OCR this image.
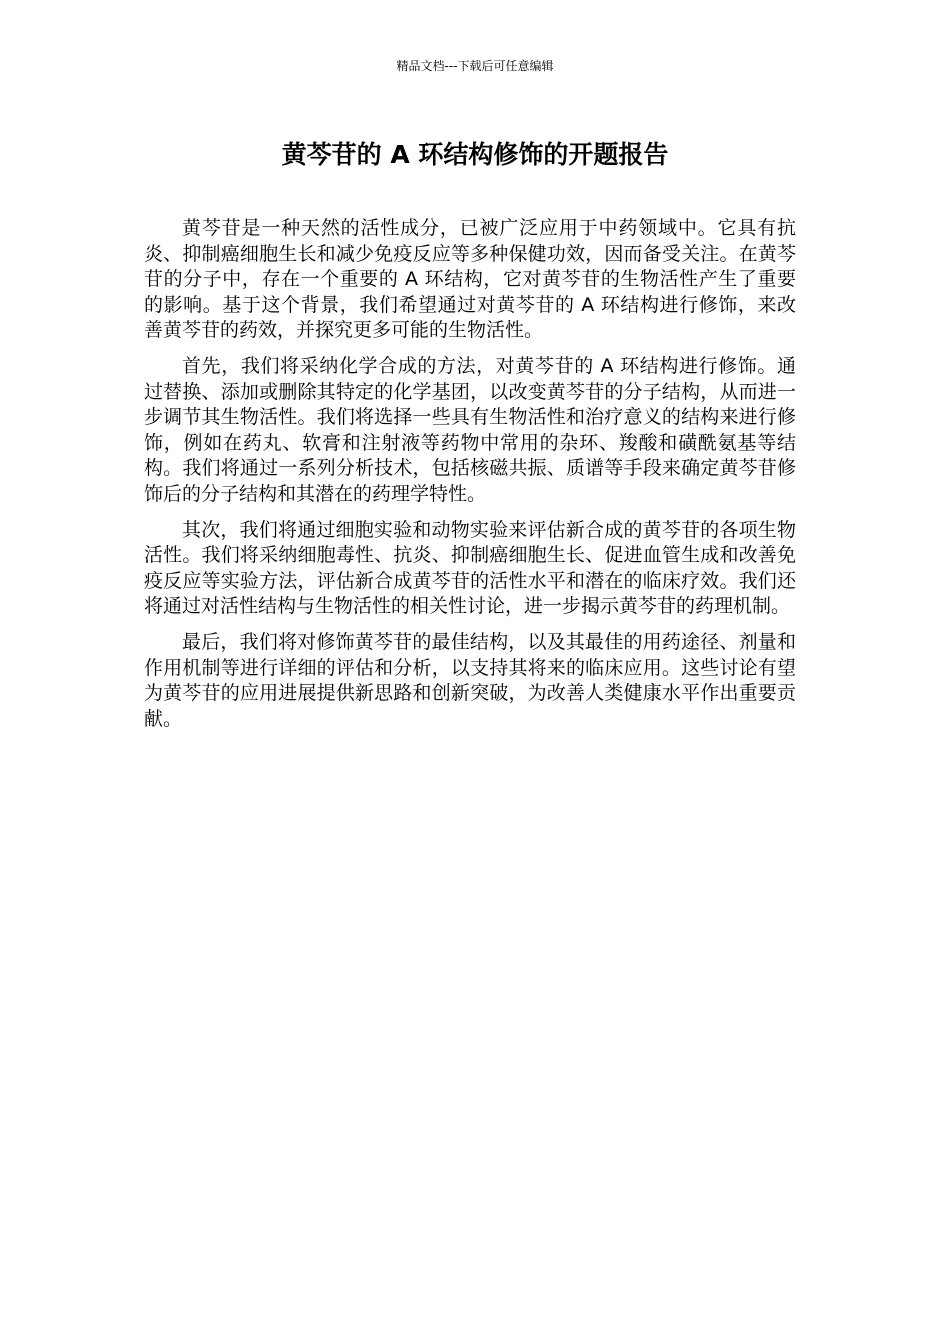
精品文档---下载后可任意编辑
黄芩苷的 A 环结构修饰的开题报告

黄芩苷是一种天然的活性成分，已被广泛应用于中药领域中。它具有抗炎、抑制癌细胞生长和减少免疫反应等多种保健功效，因而备受关注。在黄芩苷的分子中，存在一个重要的 A 环结构，它对黄芩苷的生物活性产生了重要的影响。基于这个背景，我们希望通过对黄芩苷的 A 环结构进行修饰，来改善黄芩苷的药效，并探究更多可能的生物活性。

首先，我们将采纳化学合成的方法，对黄芩苷的 A 环结构进行修饰。通过替换、添加或删除其特定的化学基团，以改变黄芩苷的分子结构，从而进一步调节其生物活性。我们将选择一些具有生物活性和治疗意义的结构来进行修饰，例如在药丸、软膏和注射液等药物中常用的杂环、羧酸和磺酰氨基等结构。我们将通过一系列分析技术，包括核磁共振、质谱等手段来确定黄芩苷修饰后的分子结构和其潜在的药理学特性。

其次，我们将通过细胞实验和动物实验来评估新合成的黄芩苷的各项生物活性。我们将采纳细胞毒性、抗炎、抑制癌细胞生长、促进血管生成和改善免疫反应等实验方法，评估新合成黄芩苷的活性水平和潜在的临床疗效。我们还将通过对活性结构与生物活性的相关性讨论，进一步揭示黄芩苷的药理机制。

最后，我们将对修饰黄芩苷的最佳结构，以及其最佳的用药途径、剂量和作用机制等进行详细的评估和分析，以支持其将来的临床应用。这些讨论有望为黄芩苷的应用进展提供新思路和创新突破，为改善人类健康水平作出重要贡献。
